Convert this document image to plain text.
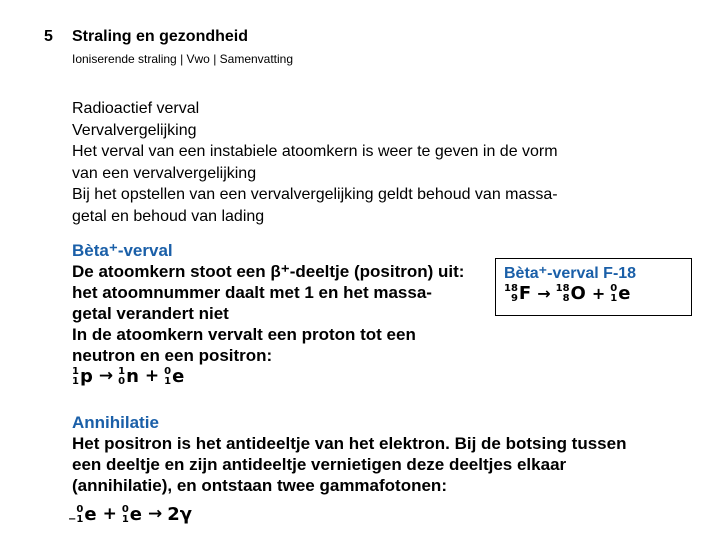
5 Straling en gezondheid
Ioniserende straling | Vwo | Samenvatting
Radioactief verval
Vervalvergelijking
Het verval van een instabiele atoomkern is weer te geven in de vorm
van een vervalvergelijking
Bij het opstellen van een vervalvergelijking geldt behoud van massa-
getal en behoud van lading
Bèta⁺-verval
De atoomkern stoot een β⁺-deeltje (positron) uit:
het atoomnummer daalt met 1 en het massa-
getal verandert niet
In de atoomkern vervalt een proton tot een
neutron en een positron:
1
1 p → 1
0 n + 0
1 e
Bèta⁺-verval F-18
18
9 F → 18
8 O + 0
1 e
Annihilatie
Het positron is het antideeltje van het elektron. Bij de botsing tussen
een deeltje en zijn antideeltje vernietigen deze deeltjes elkaar
(annihilatie), en ontstaan twee gammafotonen:
0
−1 e + 0
1 e → 2γ
